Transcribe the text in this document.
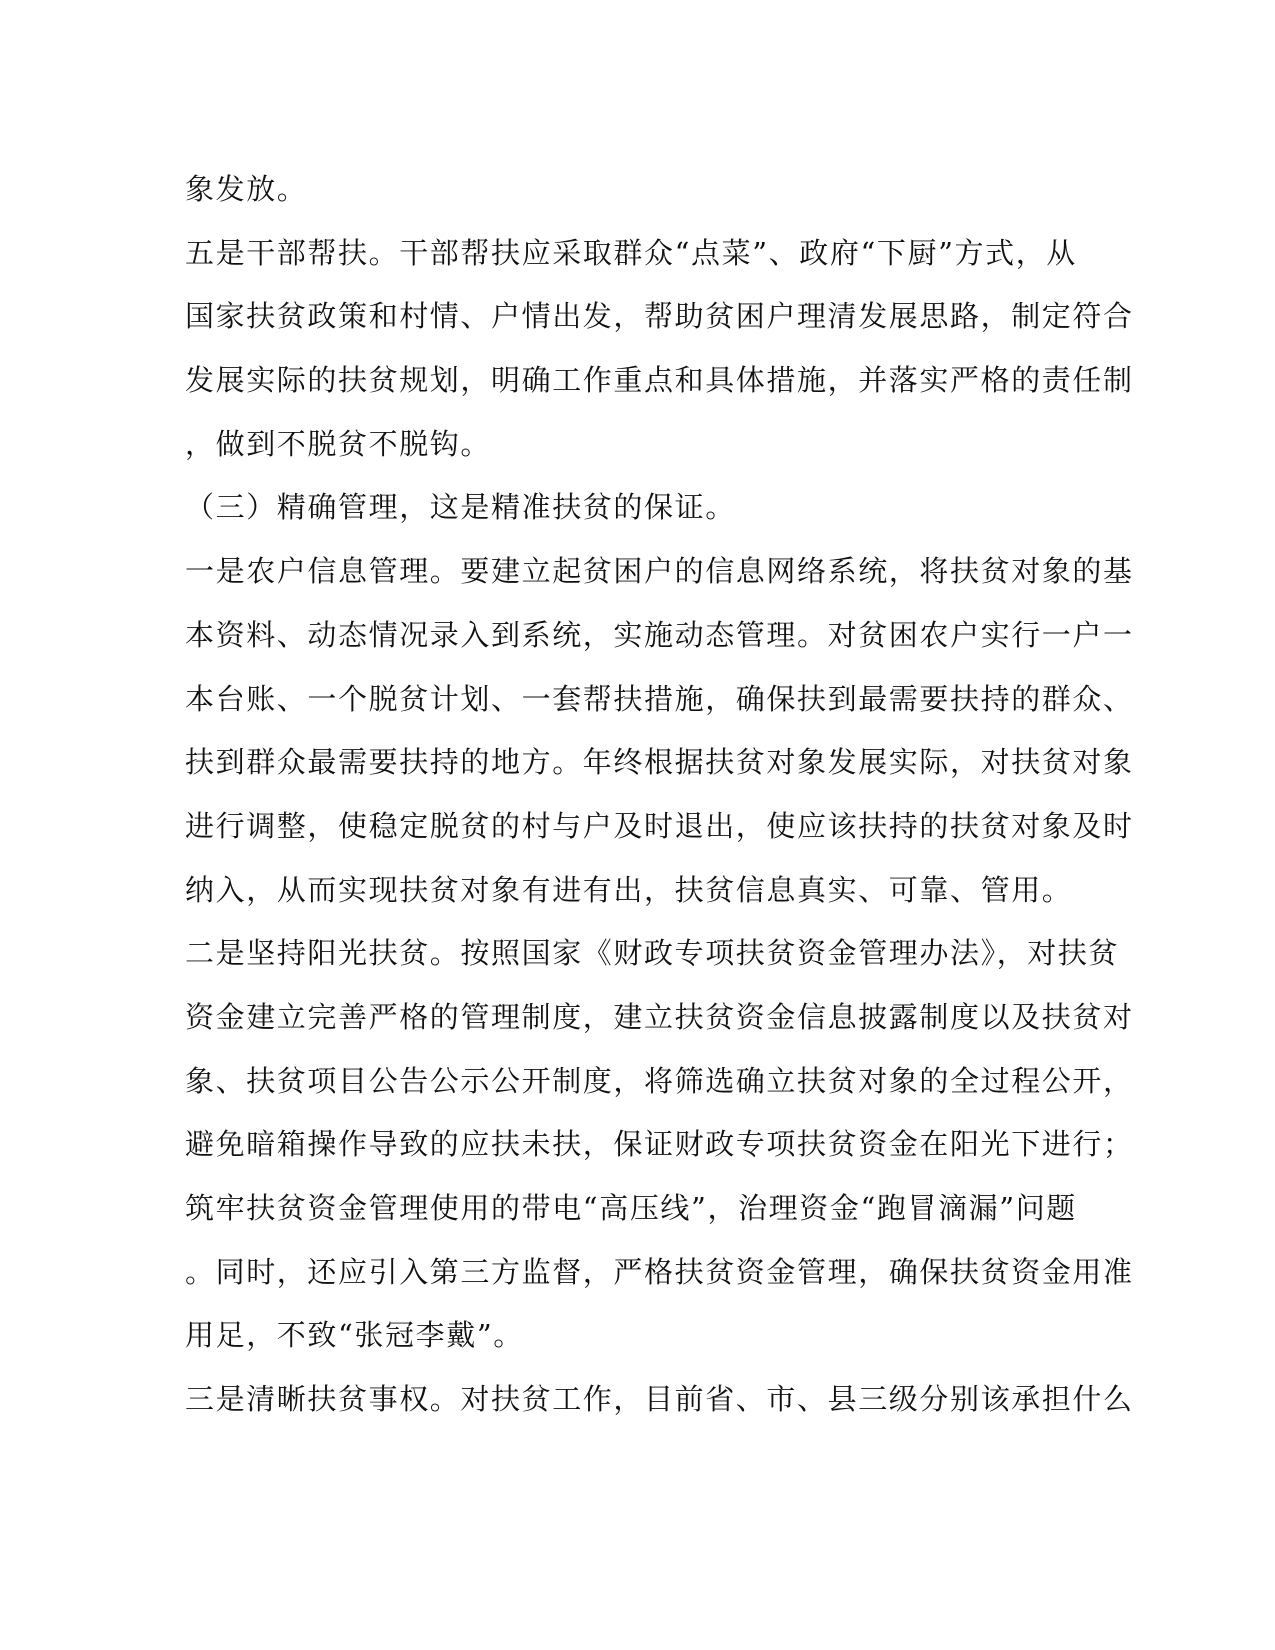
象发放。
五是干部帮扶。干部帮扶应采取群众“点菜”、政府“下厨”方式，从
国家扶贫政策和村情、户情出发，帮助贫困户理清发展思路，制定符合
发展实际的扶贫规划，明确工作重点和具体措施，并落实严格的责任制
，做到不脱贫不脱钩。
（三）精确管理，这是精准扶贫的保证。
一是农户信息管理。要建立起贫困户的信息网络系统，将扶贫对象的基
本资料、动态情况录入到系统，实施动态管理。对贫困农户实行一户一
本台账、一个脱贫计划、一套帮扶措施，确保扶到最需要扶持的群众、
扶到群众最需要扶持的地方。年终根据扶贫对象发展实际，对扶贫对象
进行调整，使稳定脱贫的村与户及时退出，使应该扶持的扶贫对象及时
纳入，从而实现扶贫对象有进有出，扶贫信息真实、可靠、管用。
二是坚持阳光扶贫。按照国家《财政专项扶贫资金管理办法》，对扶贫
资金建立完善严格的管理制度，建立扶贫资金信息披露制度以及扶贫对
象、扶贫项目公告公示公开制度，将筛选确立扶贫对象的全过程公开，
避免暗箱操作导致的应扶未扶，保证财政专项扶贫资金在阳光下进行；
筑牢扶贫资金管理使用的带电“高压线”，治理资金“跑冒滴漏”问题
。同时，还应引入第三方监督，严格扶贫资金管理，确保扶贫资金用准
用足，不致“张冠李戴”。
三是清晰扶贫事权。对扶贫工作，目前省、市、县三级分别该承担什么
